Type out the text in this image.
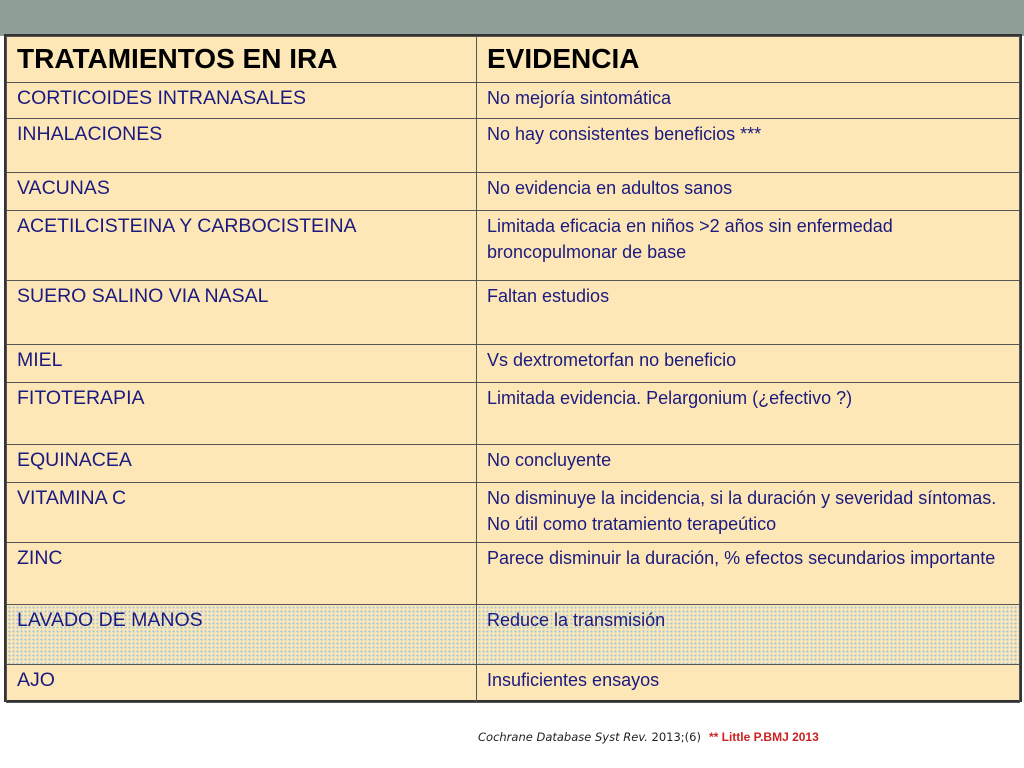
TRATAMIENTOS EN IRA	EVIDENCIA
CORTICOIDES INTRANASALES	No mejoría sintomática
INHALACIONES	No hay consistentes beneficios ***
VACUNAS	No evidencia en adultos sanos
ACETILCISTEINA Y CARBOCISTEINA	Limitada eficacia en niños >2 años sin enfermedad broncopulmonar de base
SUERO SALINO VIA NASAL	Faltan estudios
MIEL	Vs dextrometorfan no beneficio
FITOTERAPIA	Limitada evidencia. Pelargonium (¿efectivo ?)
EQUINACEA	No concluyente
VITAMINA C	No disminuye la incidencia, si la duración y severidad síntomas. No útil como tratamiento terapeútico
ZINC	Parece disminuir la duración, % efectos secundarios importante
LAVADO DE MANOS	Reduce la transmisión
AJO	Insuficientes ensayos
Cochrane Database Syst Rev. 2013;(6) ** Little P.BMJ 2013
